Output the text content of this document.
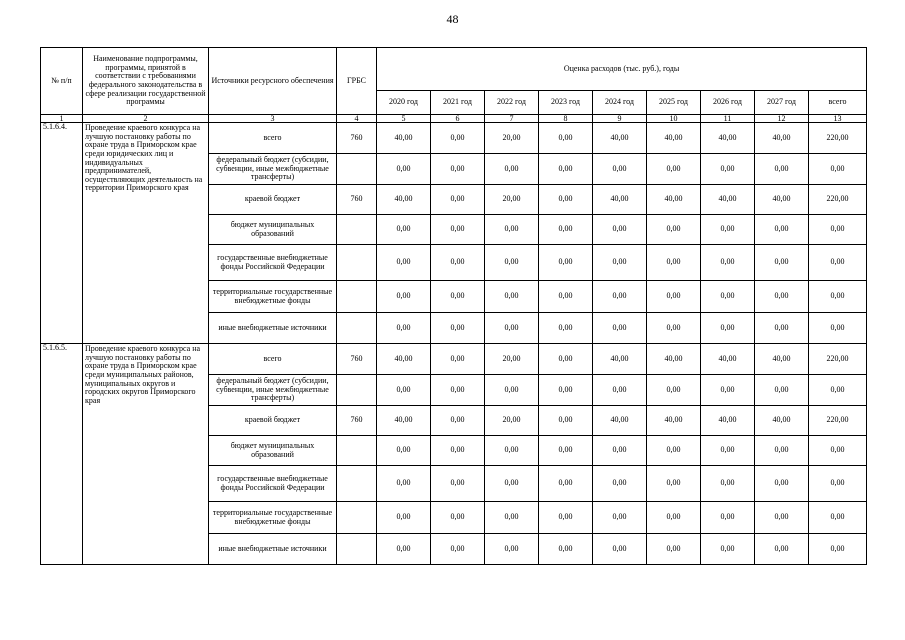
48
№ п/п	Наименование подпрограммы, программы, принятой в соответствии с требованиями федерального законодательства в сфере реализации государственной программы	Источники ресурсного обеспечения	ГРБС	Оценка расходов (тыс. руб.), годы								
				2020 год	2021 год	2022 год	2023 год	2024 год	2025 год	2026 год	2027 год	всего
1	2	3	4	5	6	7	8	9	10	11	12	13
5.1.6.4.	Проведение краевого конкурса на лучшую постановку работы по охране труда в Приморском крае среди юридических лиц и индивидуальных предпринимателей, осуществляющих деятельность на территории Приморского края	всего	760	40,00	0,00	20,00	0,00	40,00	40,00	40,00	40,00	220,00
		федеральный бюджет (субсидии, субвенции, иные межбюджетные трансферты)		0,00	0,00	0,00	0,00	0,00	0,00	0,00	0,00	0,00
		краевой бюджет	760	40,00	0,00	20,00	0,00	40,00	40,00	40,00	40,00	220,00
		бюджет муниципальных образований		0,00	0,00	0,00	0,00	0,00	0,00	0,00	0,00	0,00
		государственные внебюджетные фонды Российской Федерации		0,00	0,00	0,00	0,00	0,00	0,00	0,00	0,00	0,00
		территориальные государственные внебюджетные фонды		0,00	0,00	0,00	0,00	0,00	0,00	0,00	0,00	0,00
		иные внебюджетные источники		0,00	0,00	0,00	0,00	0,00	0,00	0,00	0,00	0,00
5.1.6.5.	Проведение краевого конкурса на лучшую постановку работы по охране труда в Приморском крае среди муниципальных районов, муниципальных округов и городских округов Приморского края	всего	760	40,00	0,00	20,00	0,00	40,00	40,00	40,00	40,00	220,00
		федеральный бюджет (субсидии, субвенции, иные межбюджетные трансферты)		0,00	0,00	0,00	0,00	0,00	0,00	0,00	0,00	0,00
		краевой бюджет	760	40,00	0,00	20,00	0,00	40,00	40,00	40,00	40,00	220,00
		бюджет муниципальных образований		0,00	0,00	0,00	0,00	0,00	0,00	0,00	0,00	0,00
		государственные внебюджетные фонды Российской Федерации		0,00	0,00	0,00	0,00	0,00	0,00	0,00	0,00	0,00
		территориальные государственные внебюджетные фонды		0,00	0,00	0,00	0,00	0,00	0,00	0,00	0,00	0,00
		иные внебюджетные источники		0,00	0,00	0,00	0,00	0,00	0,00	0,00	0,00	0,00
